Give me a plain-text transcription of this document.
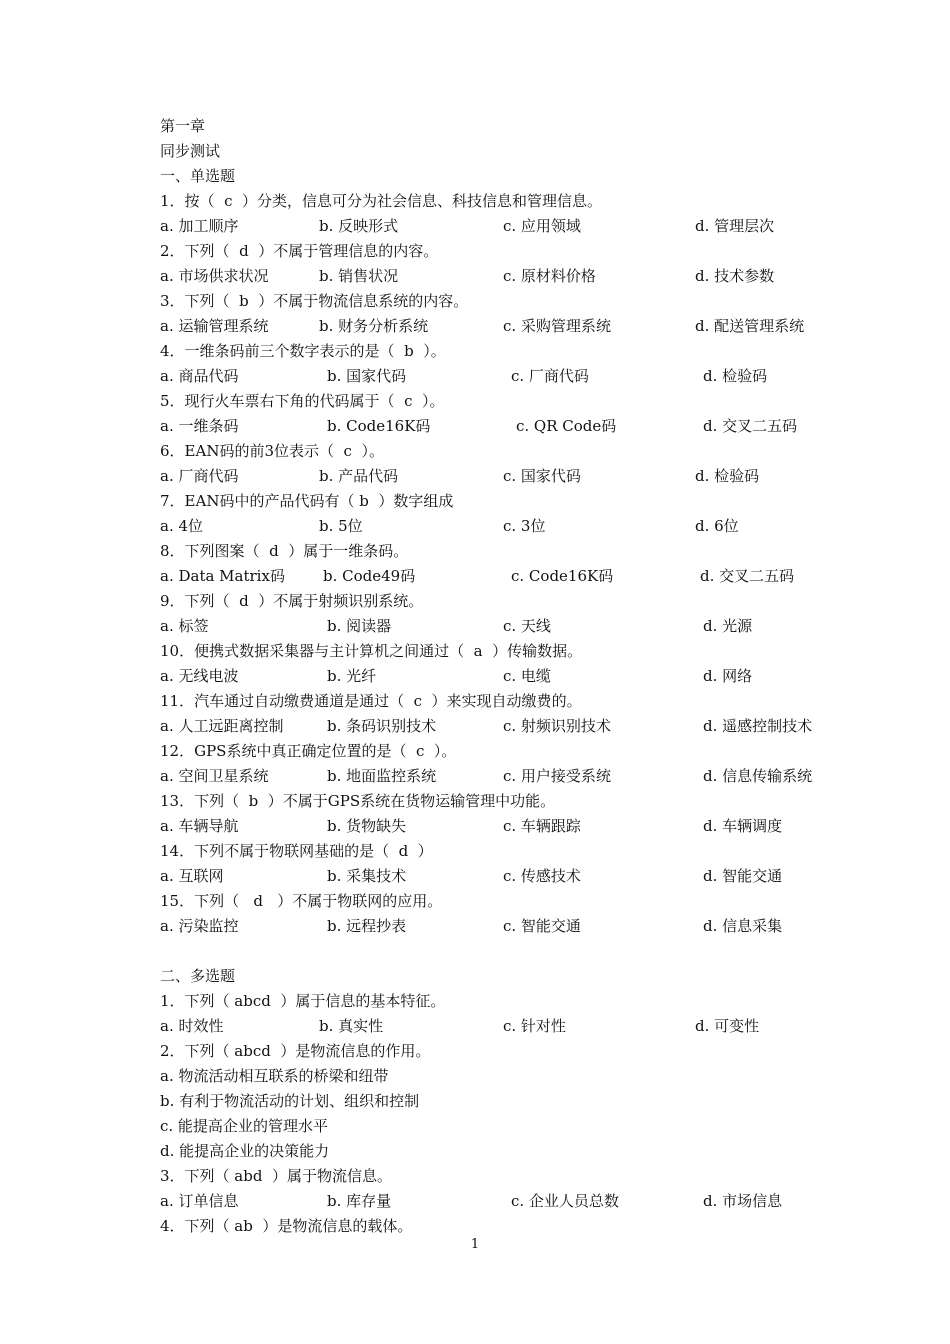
第一章
同步测试
一、单选题
1．按（  c  ）分类，信息可分为社会信息、科技信息和管理信息。
a. 加工顺序	b. 反映形式	c. 应用领域	d. 管理层次
2．下列（  d  ）不属于管理信息的内容。
a. 市场供求状况	b. 销售状况	c. 原材料价格	d. 技术参数
3．下列（  b  ）不属于物流信息系统的内容。
a. 运输管理系统	b. 财务分析系统	c. 采购管理系统	d. 配送管理系统
4．一维条码前三个数字表示的是（  b  ）。
a. 商品代码	b. 国家代码	c. 厂商代码	d. 检验码
5．现行火车票右下角的代码属于（  c  ）。
a. 一维条码	b. Code16K码	c. QR Code码	d. 交叉二五码
6．EAN码的前3位表示（  c  ）。
a. 厂商代码	b. 产品代码	c. 国家代码	d. 检验码
7．EAN码中的产品代码有（ b  ）数字组成
a. 4位	b. 5位	c. 3位	d. 6位
8．下列图案（  d  ）属于一维条码。
a. Data Matrix码	b. Code49码	c. Code16K码	d. 交叉二五码
9．下列（  d  ）不属于射频识别系统。
a. 标签	b. 阅读器	c. 天线	d. 光源
10．便携式数据采集器与主计算机之间通过（  a  ）传输数据。
a. 无线电波	b. 光纤	c. 电缆	d. 网络
11．汽车通过自动缴费通道是通过（  c  ）来实现自动缴费的。
a. 人工远距离控制	b. 条码识别技术	c. 射频识别技术	d. 遥感控制技术
12．GPS系统中真正确定位置的是（  c  ）。
a. 空间卫星系统	b. 地面监控系统	c. 用户接受系统	d. 信息传输系统
13．下列（  b  ）不属于GPS系统在货物运输管理中功能。
a. 车辆导航	b. 货物缺失	c. 车辆跟踪	d. 车辆调度
14．下列不属于物联网基础的是（  d  ）
a. 互联网	b. 采集技术	c. 传感技术	d. 智能交通
15．下列（   d   ）不属于物联网的应用。
a. 污染监控	b. 远程抄表	c. 智能交通	d. 信息采集
二、多选题
1．下列（ abcd  ）属于信息的基本特征。

a. 时效性

	b. 真实性

	c. 针对性

	d. 可变性

2．下列（ abcd  ）是物流信息的作用。
a. 物流活动相互联系的桥梁和纽带
b. 有利于物流活动的计划、组织和控制
c. 能提高企业的管理水平
d. 能提高企业的决策能力
3．下列（ abd  ）属于物流信息。

a. 订单信息

	b. 库存量

	c. 企业人员总数

	d. 市场信息

4．下列（ ab  ）是物流信息的载体。
1
